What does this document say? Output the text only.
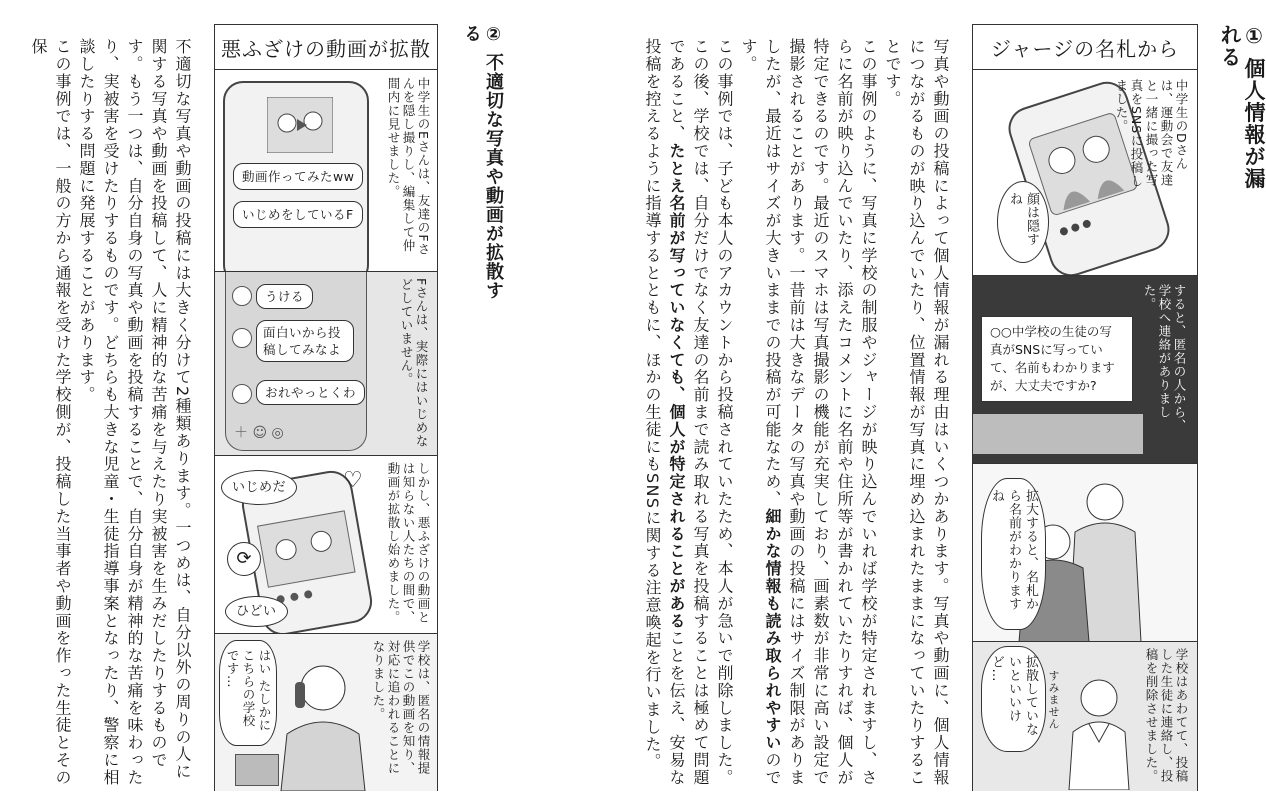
① 個人情報が漏れる
ジャージの名札から
中学生のDさんは、運動会で友達と一緒に撮った写真をSNSに投稿しました。
顔は隠すね
すると、匿名の人から、学校へ連絡がありました。
○○中学校の生徒の写真がSNSに写っていて、名前もわかりますが、大丈夫ですか?
拡大すると、名札から名前がわかりますね
学校はあわてて、投稿した生徒に連絡し、投稿を削除させました。
拡散していないといいけど…
すみません

写真や動画の投稿によって個人情報が漏れる理由はいくつかあります。写真や動画に、個人情報につながるものが映り込んでいたり、位置情報が写真に埋め込まれたままになっていたりすることです。

この事例のように、写真に学校の制服やジャージが映り込んでいれば学校が特定されますし、さらに名前が映り込んでいたり、添えたコメントに名前や住所等が書かれていたりすれば、個人が特定できるのです。最近のスマホは写真撮影の機能が充実しており、画素数が非常に高い設定で撮影されることがあります。一昔前は大きなデータの写真や動画の投稿にはサイズ制限がありましたが、最近はサイズが大きいままでの投稿が可能なため、細かな情報も読み取られやすいのです。

この事例では、子ども本人のアカウントから投稿されていたため、本人が急いで削除しました。この後、学校では、自分だけでなく友達の名前まで読み取れる写真を投稿することは極めて問題であること、たとえ名前が写っていなくても、個人が特定されることがあることを伝え、安易な投稿を控えるように指導するとともに、ほかの生徒にもSNSに関する注意喚起を行いました。

② 不適切な写真や動画が拡散する
悪ふざけの動画が拡散
動画作ってみたww
いじめをしているF	中学生のEさんは、友達のFさんを隠し撮りし、編集して仲間内に見せました。
うける
面白いから投稿してみなよ
おれやっとくわ
＋ ☺ ◎	Fさんは、実際にはいじめなどしていません。
いじめだ
ひどい
⟳
♡	しかし、悪ふざけの動画とは知らない人たちの間で、動画が拡散し始めました。
はい たしかにこちらの学校です…	学校は、匿名の情報提供でこの動画を知り、対応に追われることになりました。

不適切な写真や動画の投稿には大きく分けて2種類あります。一つめは、自分以外の周りの人に関する写真や動画を投稿して、人に精神的な苦痛を与えたり実被害を生みだしたりするものです。もう一つは、自分自身の写真や動画を投稿することで、自分自身が精神的な苦痛を味わったり、実被害を受けたりするものです。どちらも大きな児童・生徒指導事案となったり、警察に相談したりする問題に発展することがあります。

この事例では、一般の方から通報を受けた学校側が、投稿した当事者や動画を作った生徒とその保
